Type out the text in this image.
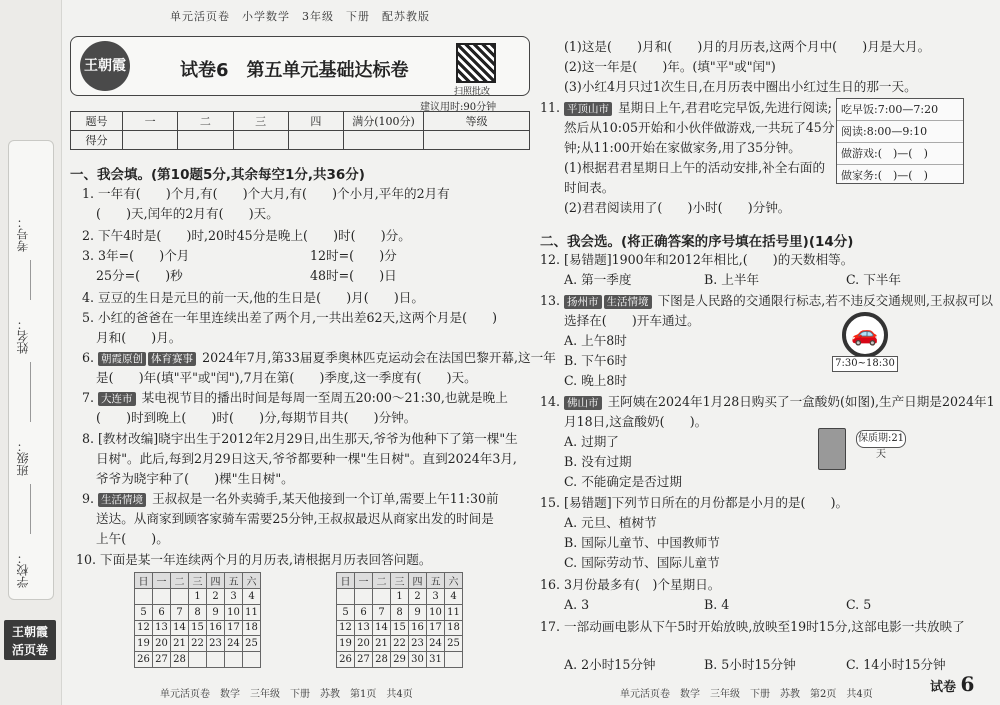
考号：
姓名：
班级：
学校：
王朝霞
活页卷
单元活页卷　小学数学　3年级　下册　配苏教版
王朝霞	试卷6　第五单元基础达标卷
扫照批改
建议用时:90分钟
题号	一	二	三	四	满分(100分)	等级
得分						
一、我会填。(第10题5分,其余每空1分,共36分)
1. 一年有(　　)个月,有(　　)个大月,有(　　)个小月,平年的2月有
(　　)天,闰年的2月有(　　)天。
2. 下午4时是(　　)时,20时45分是晚上(　　)时(　　)分。
3. 3年=(　　)个月	12时=(　　)分
25分=(　　)秒	48时=(　　)日
4. 豆豆的生日是元旦的前一天,他的生日是(　　)月(　　)日。
5. 小红的爸爸在一年里连续出差了两个月,一共出差62天,这两个月是(　　)
月和(　　)月。
6. 朝霞原创 体育赛事 2024年7月,第33届夏季奥林匹克运动会在法国巴黎开幕,这一年
是(　　)年(填"平"或"闰"),7月在第(　　)季度,这一季度有(　　)天。
7. 大连市 某电视节目的播出时间是每周一至周五20:00～21:30,也就是晚上
(　　)时到晚上(　　)时(　　)分,每期节目共(　　)分钟。
8. [教材改编]晓宇出生于2012年2月29日,出生那天,爷爷为他种下了第一棵"生
日树"。此后,每到2月29日这天,爷爷都要种一棵"生日树"。直到2024年3月,
爷爷为晓宇种了(　　)棵"生日树"。
9. 生活情境 王叔叔是一名外卖骑手,某天他接到一个订单,需要上午11:30前
送达。从商家到顾客家骑车需要25分钟,王叔叔最迟从商家出发的时间是
上午(　　)。
10. 下面是某一年连续两个月的月历表,请根据月历表回答问题。
日	一	二	三	四	五	六
			1	2	3	4
5	6	7	8	9	10	11
12	13	14	15	16	17	18
19	20	21	22	23	24	25
26	27	28				
日	一	二	三	四	五	六
			1	2	3	4
5	6	7	8	9	10	11
12	13	14	15	16	17	18
19	20	21	22	23	24	25
26	27	28	29	30	31	
单元活页卷　数学　三年级　下册　苏教　第1页　共4页
(1)这是(　　)月和(　　)月的月历表,这两个月中(　　)月是大月。
(2)这一年是(　　)年。(填"平"或"闰")
(3)小红4月只过1次生日,在月历表中圈出小红过生日的那一天。
11. 平顶山市 星期日上午,君君吃完早饭,先进行阅读;
然后从10:05开始和小伙伴做游戏,一共玩了45分
钟;从11:00开始在家做家务,用了35分钟。
(1)根据君君星期日上午的活动安排,补全右面的
时间表。
(2)君君阅读用了(　　)小时(　　)分钟。
吃早饭:7:00—7:20
阅读:8:00—9:10
做游戏:(　)—(　)
做家务:(　)—(　)
二、我会选。(将正确答案的序号填在括号里)(14分)
12. [易错题]1900年和2012年相比,(　　)的天数相等。
A. 第一季度	B. 上半年	C. 下半年
13. 扬州市 生活情境 下图是人民路的交通限行标志,若不违反交通规则,王叔叔可以
选择在(　　)开车通过。
A. 上午8时
B. 下午6时
C. 晚上8时
🚗
7:30~18:30
14. 佛山市 王阿姨在2024年1月28日购买了一盒酸奶(如图),生产日期是2024年1
月18日,这盒酸奶(　　)。
A. 过期了
B. 没有过期
C. 不能确定是否过期
保质期:21天
15. [易错题]下列节日所在的月份都是小月的是(　　)。
A. 元旦、植树节
B. 国际儿童节、中国教师节
C. 国际劳动节、国际儿童节
16. 3月份最多有(　)个星期日。
A. 3	B. 4	C. 5
17. 一部动画电影从下午5时开始放映,放映至19时15分,这部电影一共放映了
A. 2小时15分钟	B. 5小时15分钟	C. 14小时15分钟
单元活页卷　数学　三年级　下册　苏教　第2页　共4页	试卷 6
